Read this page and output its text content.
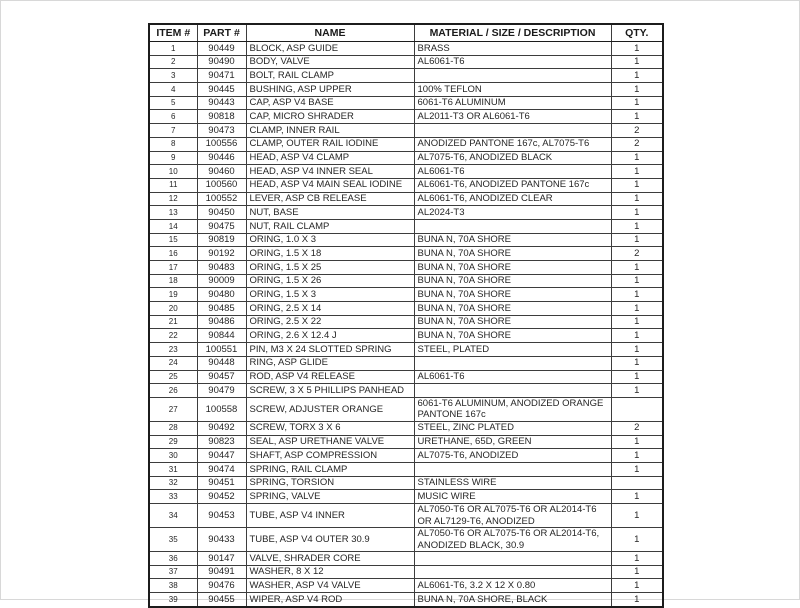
ITEM #	PART #	NAME	MATERIAL / SIZE / DESCRIPTION	QTY.
1	90449	BLOCK, ASP GUIDE	BRASS	1
2	90490	BODY, VALVE	AL6061-T6	1
3	90471	BOLT, RAIL CLAMP		1
4	90445	BUSHING, ASP UPPER	100% TEFLON	1
5	90443	CAP, ASP V4 BASE	6061-T6 ALUMINUM	1
6	90818	CAP, MICRO SHRADER	AL2011-T3 OR AL6061-T6	1
7	90473	CLAMP, INNER RAIL		2
8	100556	CLAMP, OUTER RAIL IODINE	ANODIZED PANTONE 167c, AL7075-T6	2
9	90446	HEAD, ASP V4 CLAMP	AL7075-T6, ANODIZED BLACK	1
10	90460	HEAD, ASP V4 INNER SEAL	AL6061-T6	1
11	100560	HEAD, ASP V4 MAIN SEAL IODINE	AL6061-T6, ANODIZED PANTONE 167c	1
12	100552	LEVER, ASP CB RELEASE	AL6061-T6, ANODIZED CLEAR	1
13	90450	NUT, BASE	AL2024-T3	1
14	90475	NUT, RAIL CLAMP		1
15	90819	ORING, 1.0 X 3	BUNA N, 70A SHORE	1
16	90192	ORING, 1.5 X 18	BUNA N, 70A SHORE	2
17	90483	ORING, 1.5 X 25	BUNA N, 70A SHORE	1
18	90009	ORING, 1.5 X 26	BUNA N, 70A SHORE	1
19	90480	ORING, 1.5 X 3	BUNA N, 70A SHORE	1
20	90485	ORING, 2.5 X 14	BUNA N, 70A SHORE	1
21	90486	ORING, 2.5 X 22	BUNA N, 70A SHORE	1
22	90844	ORING, 2.6 X 12.4 J	BUNA N, 70A SHORE	1
23	100551	PIN, M3 X 24 SLOTTED SPRING	STEEL, PLATED	1
24	90448	RING, ASP GLIDE		1
25	90457	ROD, ASP V4 RELEASE	AL6061-T6	1
26	90479	SCREW, 3 X 5 PHILLIPS PANHEAD		1
27	100558	SCREW, ADJUSTER ORANGE	6061-T6 ALUMINUM, ANODIZED ORANGE PANTONE 167c	
28	90492	SCREW, TORX 3 X 6	STEEL, ZINC PLATED	2
29	90823	SEAL, ASP URETHANE VALVE	URETHANE, 65D, GREEN	1
30	90447	SHAFT, ASP COMPRESSION	AL7075-T6, ANODIZED	1
31	90474	SPRING, RAIL CLAMP		1
32	90451	SPRING, TORSION	STAINLESS WIRE	
33	90452	SPRING, VALVE	MUSIC WIRE	1
34	90453	TUBE, ASP V4 INNER	AL7050-T6 OR AL7075-T6 OR AL2014-T6 OR AL7129-T6, ANODIZED	1
35	90433	TUBE, ASP V4 OUTER 30.9	AL7050-T6 OR AL7075-T6 OR AL2014-T6, ANODIZED BLACK, 30.9	1
36	90147	VALVE, SHRADER CORE		1
37	90491	WASHER, 8 X 12		1
38	90476	WASHER, ASP V4 VALVE	AL6061-T6, 3.2 X 12 X 0.80	1
39	90455	WIPER, ASP V4 ROD	BUNA N, 70A SHORE, BLACK	1
